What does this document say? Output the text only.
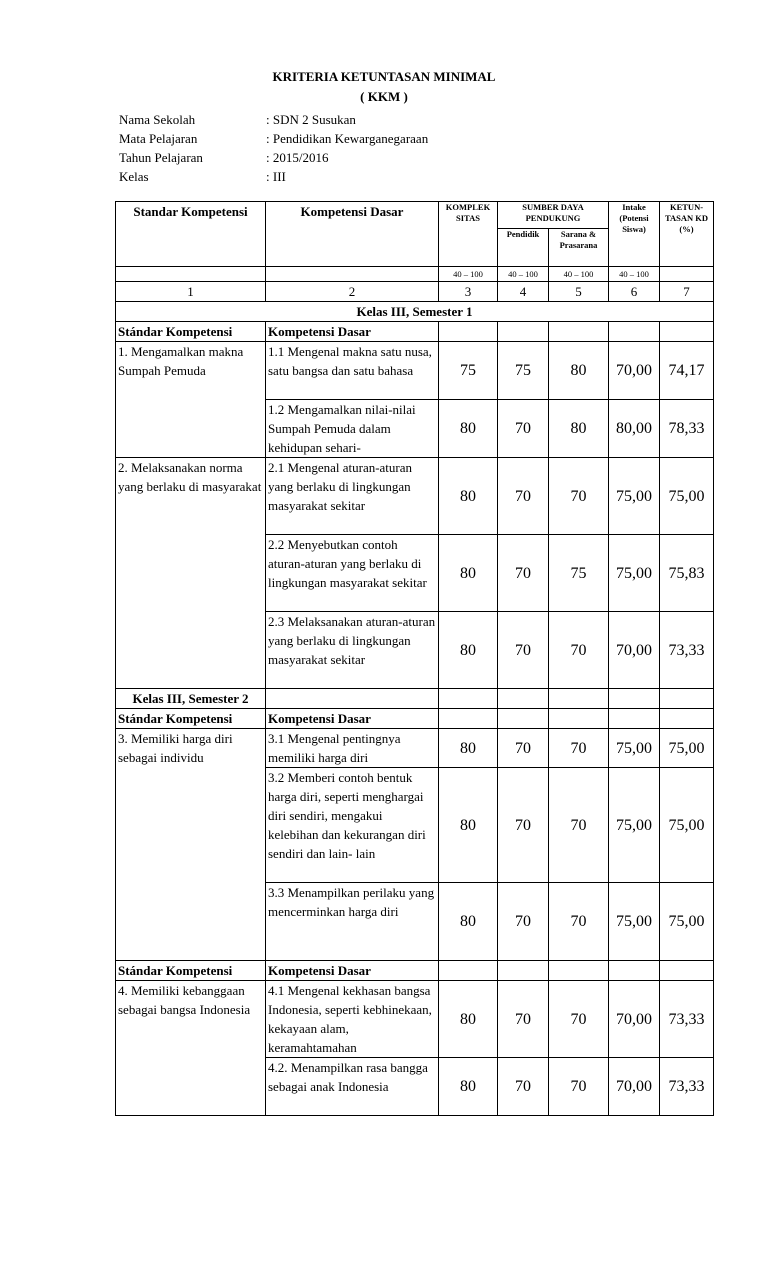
KRITERIA KETUNTASAN MINIMAL
( KKM )
Nama Sekolah	: SDN 2 Susukan
Mata Pelajaran	: Pendidikan Kewarganegaraan
Tahun Pelajaran	: 2015/2016
Kelas	: III
Standar Kompetensi	Kompetensi Dasar	KOMPLEK SITAS	SUMBER DAYA PENDUKUNG		Intake (Potensi Siswa)	KETUN- TASAN KD (%)
			Pendidik	Sarana & Prasarana		
		40 – 100	40 – 100	40 – 100	40 – 100	
1	2	3	4	5	6	7
Kelas III, Semester 1						
Stándar Kompetensi	Kompetensi Dasar					
1. Mengamalkan makna Sumpah Pemuda	1.1 Mengenal makna satu nusa, satu bangsa dan satu bahasa	75	75	80	70,00	74,17
	1.2 Mengamalkan nilai-nilai Sumpah Pemuda dalam kehidupan sehari-	80	70	80	80,00	78,33
2. Melaksanakan norma yang berlaku di masyarakat	2.1 Mengenal aturan-aturan yang berlaku di lingkungan masyarakat sekitar	80	70	70	75,00	75,00
	2.2 Menyebutkan contoh aturan-aturan yang berlaku di lingkungan masyarakat sekitar	80	70	75	75,00	75,83
	2.3 Melaksanakan aturan-aturan yang berlaku di lingkungan masyarakat sekitar	80	70	70	70,00	73,33
Kelas III, Semester 2						
Stándar Kompetensi	Kompetensi Dasar					
3. Memiliki harga diri sebagai individu	3.1 Mengenal pentingnya memiliki harga diri	80	70	70	75,00	75,00
	3.2 Memberi contoh bentuk harga diri, seperti menghargai diri sendiri, mengakui kelebihan dan kekurangan diri sendiri dan lain- lain	80	70	70	75,00	75,00
	3.3 Menampilkan perilaku yang mencerminkan harga diri	80	70	70	75,00	75,00
Stándar Kompetensi	Kompetensi Dasar					
4. Memiliki kebanggaan sebagai bangsa Indonesia	4.1 Mengenal kekhasan bangsa Indonesia, seperti kebhinekaan, kekayaan alam, keramahtamahan	80	70	70	70,00	73,33
	4.2. Menampilkan rasa bangga sebagai anak Indonesia	80	70	70	70,00	73,33
